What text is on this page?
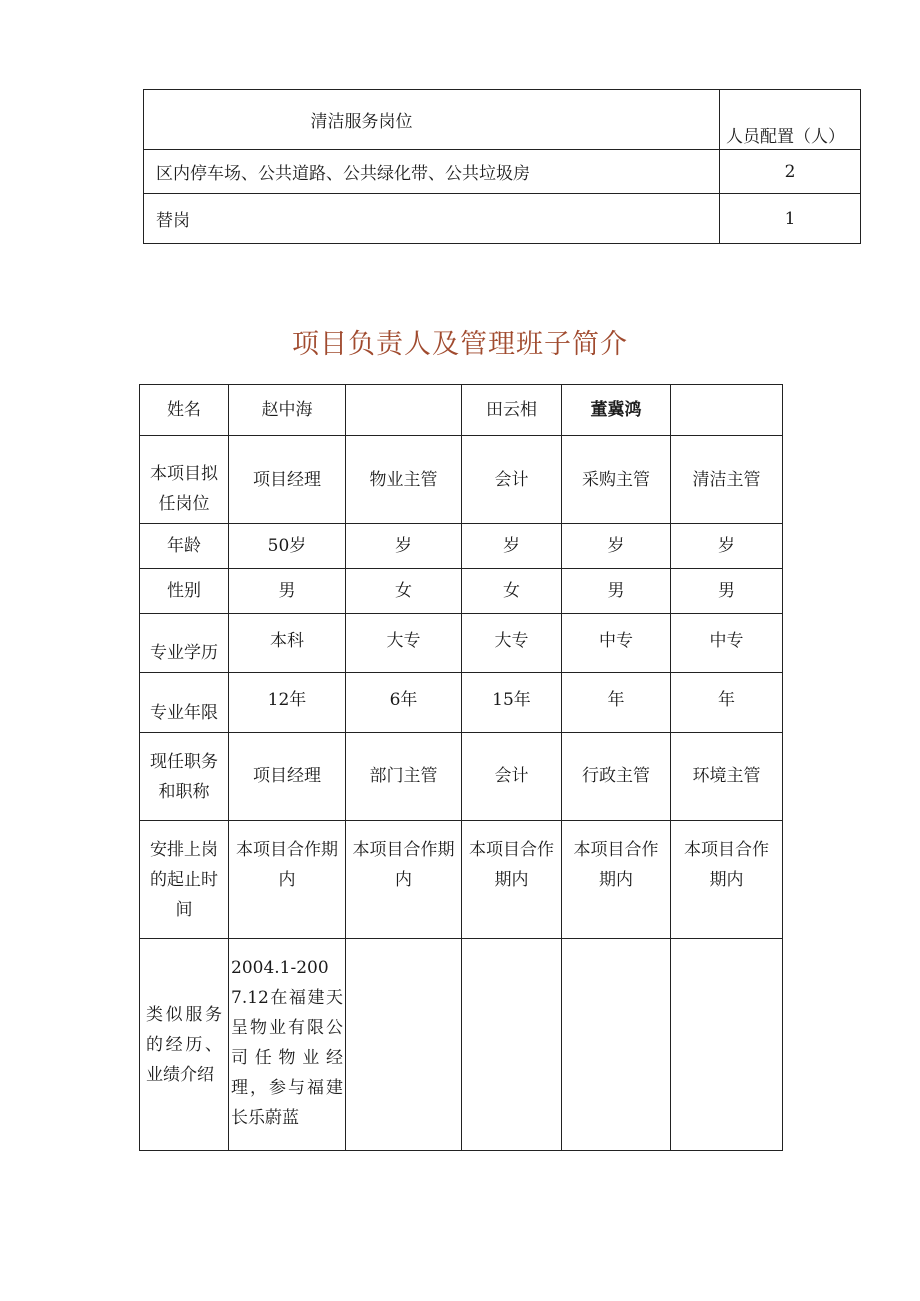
清洁服务岗位	人员配置（人）
区内停车场、公共道路、公共绿化带、公共垃圾房	2
替岗	1
项目负责人及管理班子简介
姓名	赵中海		田云相	董冀鸿	
本项目拟任岗位	项目经理	物业主管	会计	采购主管	清洁主管
年龄	50岁	岁	岁	岁	岁
性别	男	女	女	男	男
专业学历	本科	大专	大专	中专	中专
专业年限	12年	6年	15年	年	年
现任职务和职称	项目经理	部门主管	会计	行政主管	环境主管
安排上岗的起止时间	本项目合作期内	本项目合作期内	本项目合作期内	本项目合作期内	本项目合作期内
类似服务的经历、业绩介绍	2004.1-2007.12在福建天呈物业有限公司任物业经理，参与福建长乐蔚蓝				
